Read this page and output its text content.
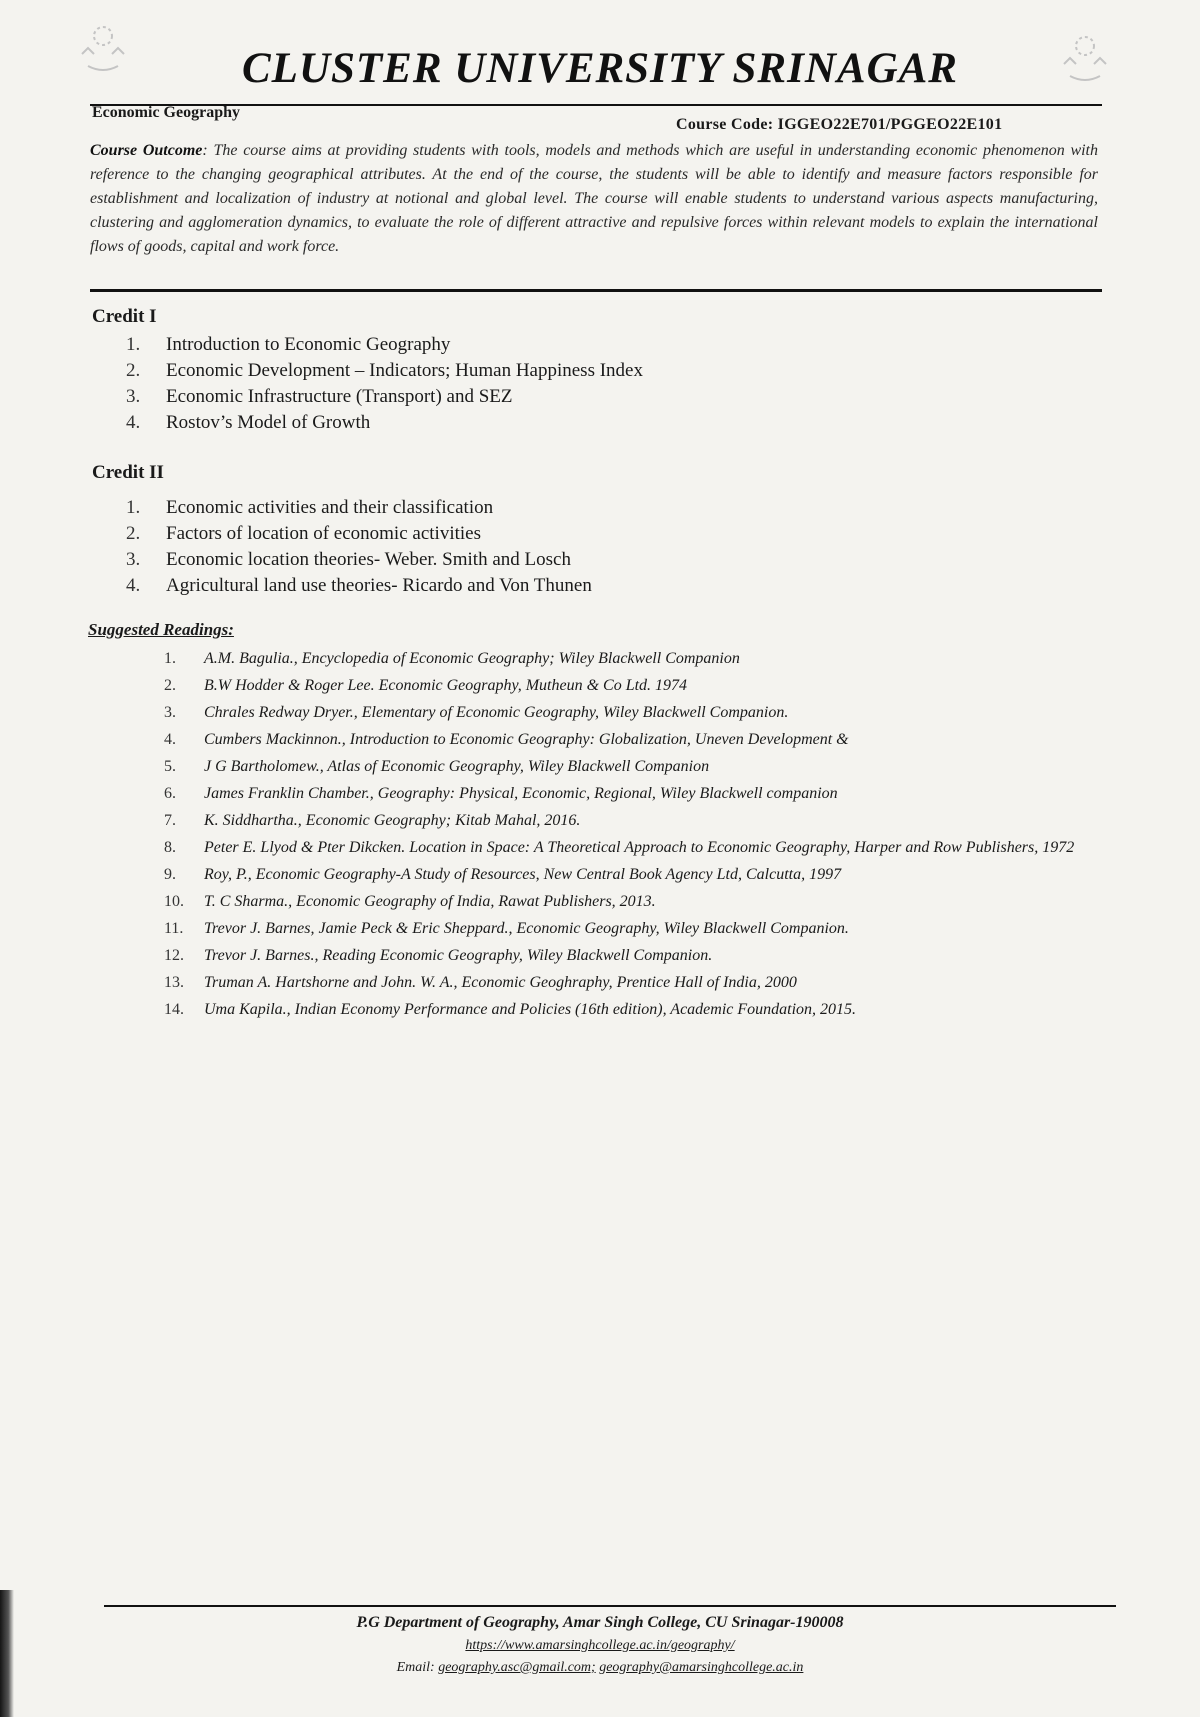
CLUSTER UNIVERSITY SRINAGAR
Economic Geography
Course Code: IGGEO22E701/PGGEO22E101
Course Outcome: The course aims at providing students with tools, models and methods which are useful in understanding economic phenomenon with reference to the changing geographical attributes. At the end of the course, the students will be able to identify and measure factors responsible for establishment and localization of industry at notional and global level. The course will enable students to understand various aspects manufacturing, clustering and agglomeration dynamics, to evaluate the role of different attractive and repulsive forces within relevant models to explain the international flows of goods, capital and work force.
Credit I
1.	Introduction to Economic Geography
2.	Economic Development – Indicators; Human Happiness Index
3.	Economic Infrastructure (Transport) and SEZ
4.	Rostov’s Model of Growth
Credit II
1.	Economic activities and their classification
2.	Factors of location of economic activities
3.	Economic location theories- Weber. Smith and Losch
4.	Agricultural land use theories- Ricardo and Von Thunen
Suggested Readings:
1.	A.M. Bagulia., Encyclopedia of Economic Geography; Wiley Blackwell Companion
2.	B.W Hodder & Roger Lee. Economic Geography, Mutheun & Co Ltd. 1974
3.	Chrales Redway Dryer., Elementary of Economic Geography, Wiley Blackwell Companion.
4.	Cumbers Mackinnon., Introduction to Economic Geography: Globalization, Uneven Development &
5.	J G Bartholomew., Atlas of Economic Geography, Wiley Blackwell Companion
6.	James Franklin Chamber., Geography: Physical, Economic, Regional, Wiley Blackwell companion
7.	K. Siddhartha., Economic Geography; Kitab Mahal, 2016.
8.	Peter E. Llyod & Pter Dikcken. Location in Space: A Theoretical Approach to Economic Geography, Harper and Row Publishers, 1972
9.	Roy, P., Economic Geography-A Study of Resources, New Central Book Agency Ltd, Calcutta, 1997
10.	T. C Sharma., Economic Geography of India, Rawat Publishers, 2013.
11.	Trevor J. Barnes, Jamie Peck & Eric Sheppard., Economic Geography, Wiley Blackwell Companion.
12.	Trevor J. Barnes., Reading Economic Geography, Wiley Blackwell Companion.
13.	Truman A. Hartshorne and John. W. A., Economic Geoghraphy, Prentice Hall of India, 2000
14.	Uma Kapila., Indian Economy Performance and Policies (16th edition), Academic Foundation, 2015.
P.G Department of Geography, Amar Singh College, CU Srinagar-190008
https://www.amarsinghcollege.ac.in/geography/
Email: geography.asc@gmail.com; geography@amarsinghcollege.ac.in
